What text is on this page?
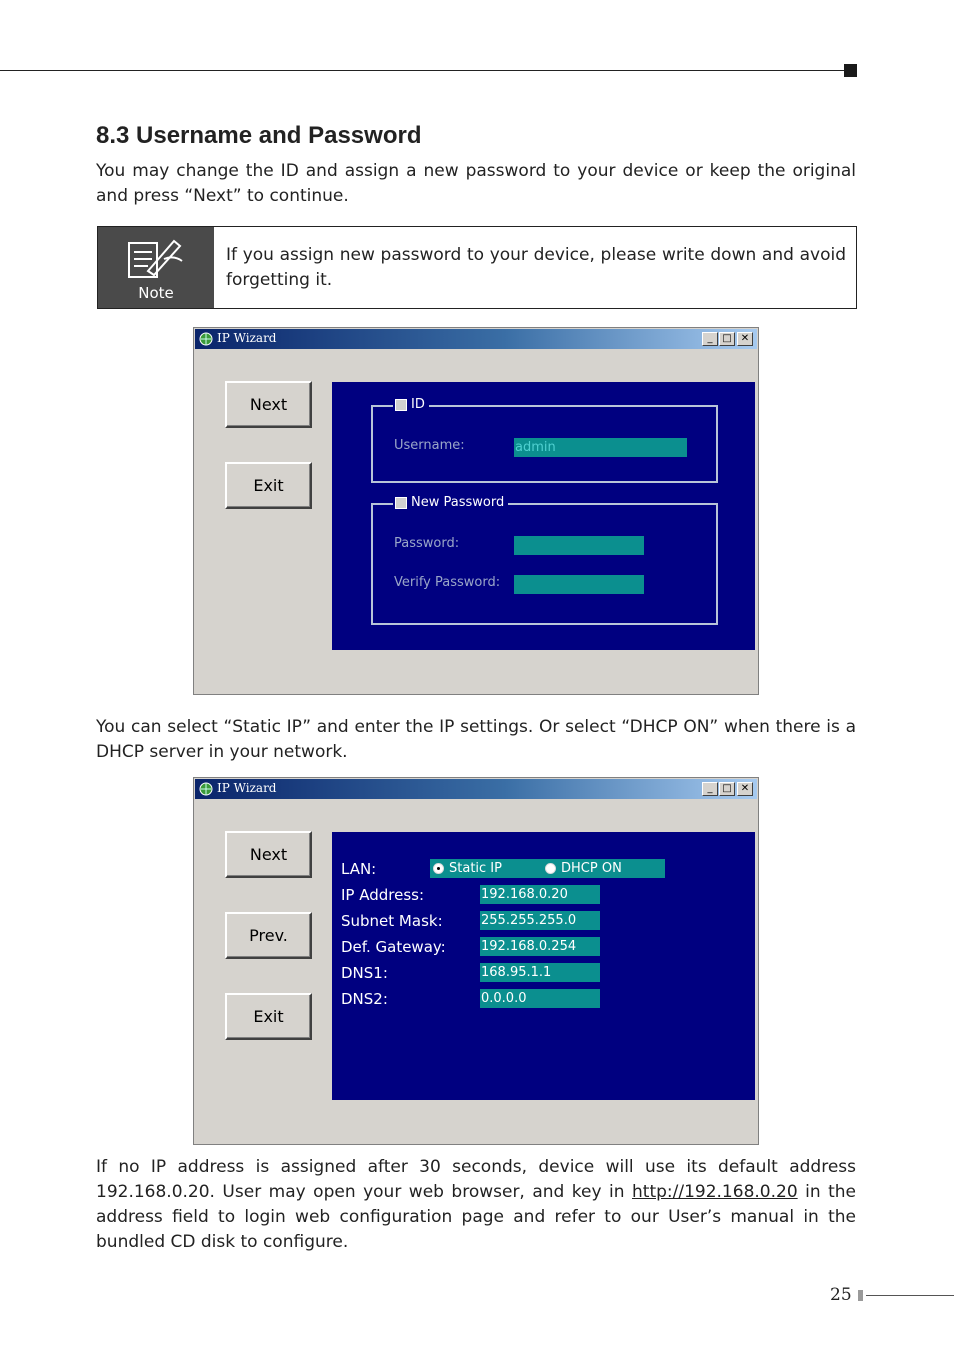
8.3 Username and Password
You may change the ID and assign a new password to your device or keep the original and press “Next” to continue.
Note
If you assign new password to your device, please write down and avoid forgetting it.
IP Wizard	_ □ ✕
Next
Exit
ID
Username:	admin
New Password
Password:
Verify Password:
You can select “Static IP” and enter the IP settings. Or select “DHCP ON” when there is a DHCP server in your network.
IP Wizard	_ □ ✕
Next
Prev.
Exit
LAN:	Static IP	DHCP ON
IP Address:	192.168.0.20
Subnet Mask:	255.255.255.0
Def. Gateway:	192.168.0.254
DNS1:	168.95.1.1
DNS2:	0.0.0.0
If no IP address is assigned after 30 seconds, device will use its default address 192.168.0.20. User may open your web browser, and key in http://192.168.0.20 in the address field to login web configuration page and refer to our User’s manual in the bundled CD disk to configure.
25
